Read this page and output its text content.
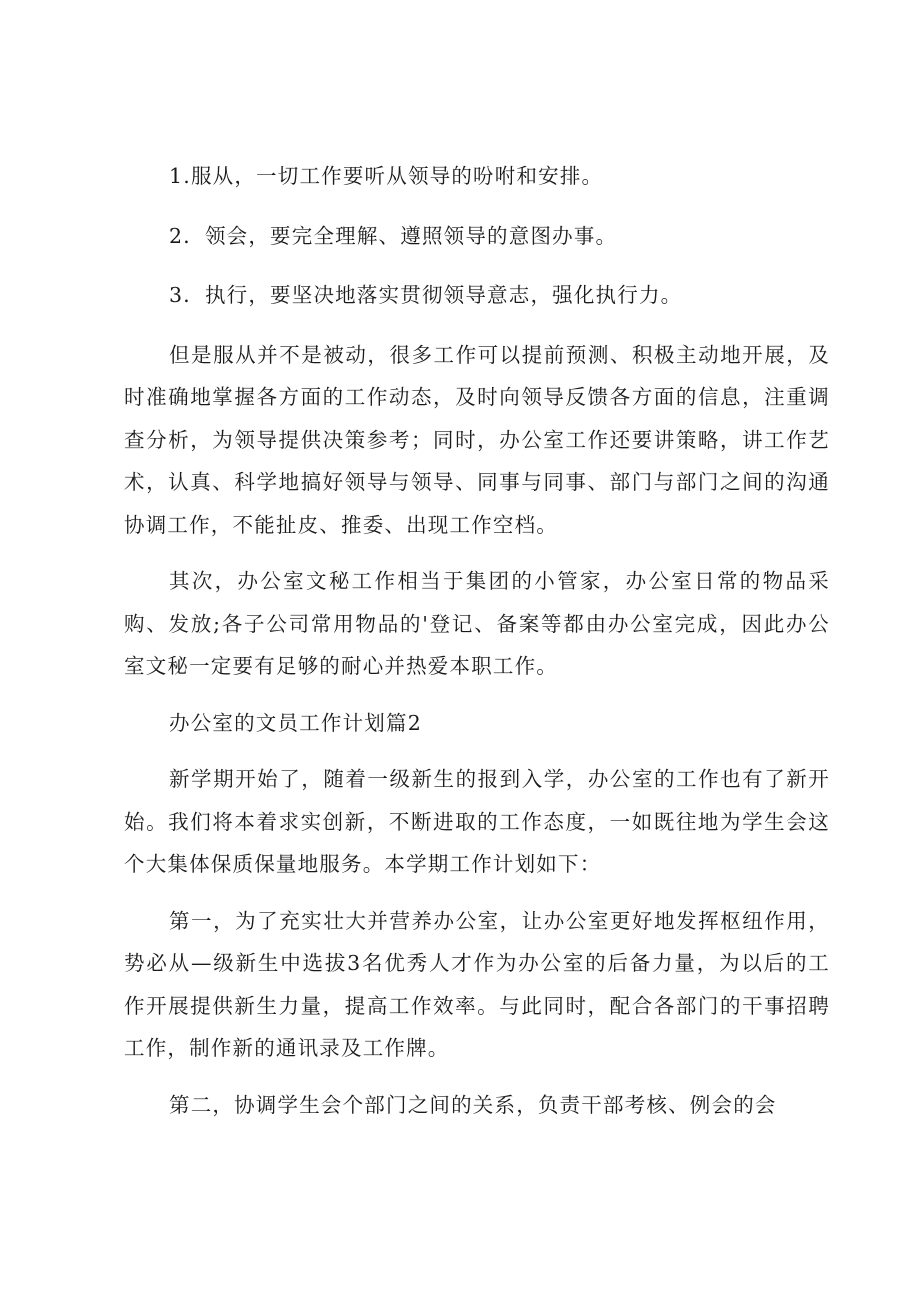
1.服从，一切工作要听从领导的吩咐和安排。

2．领会，要完全理解、遵照领导的意图办事。

3．执行，要坚决地落实贯彻领导意志，强化执行力。

但是服从并不是被动，很多工作可以提前预测、积极主动地开展，及时准确地掌握各方面的工作动态，及时向领导反馈各方面的信息，注重调查分析，为领导提供决策参考；同时，办公室工作还要讲策略，讲工作艺术，认真、科学地搞好领导与领导、同事与同事、部门与部门之间的沟通协调工作，不能扯皮、推委、出现工作空档。

其次，办公室文秘工作相当于集团的小管家，办公室日常的物品采购、发放;各子公司常用物品的'登记、备案等都由办公室完成，因此办公室文秘一定要有足够的耐心并热爱本职工作。

办公室的文员工作计划篇2

新学期开始了，随着一级新生的报到入学，办公室的工作也有了新开始。我们将本着求实创新，不断进取的工作态度，一如既往地为学生会这个大集体保质保量地服务。本学期工作计划如下：

第一，为了充实壮大并营养办公室，让办公室更好地发挥枢纽作用，势必从—级新生中选拔3名优秀人才作为办公室的后备力量，为以后的工作开展提供新生力量，提高工作效率。与此同时，配合各部门的干事招聘工作，制作新的通讯录及工作牌。

第二，协调学生会个部门之间的关系，负责干部考核、例会的会
